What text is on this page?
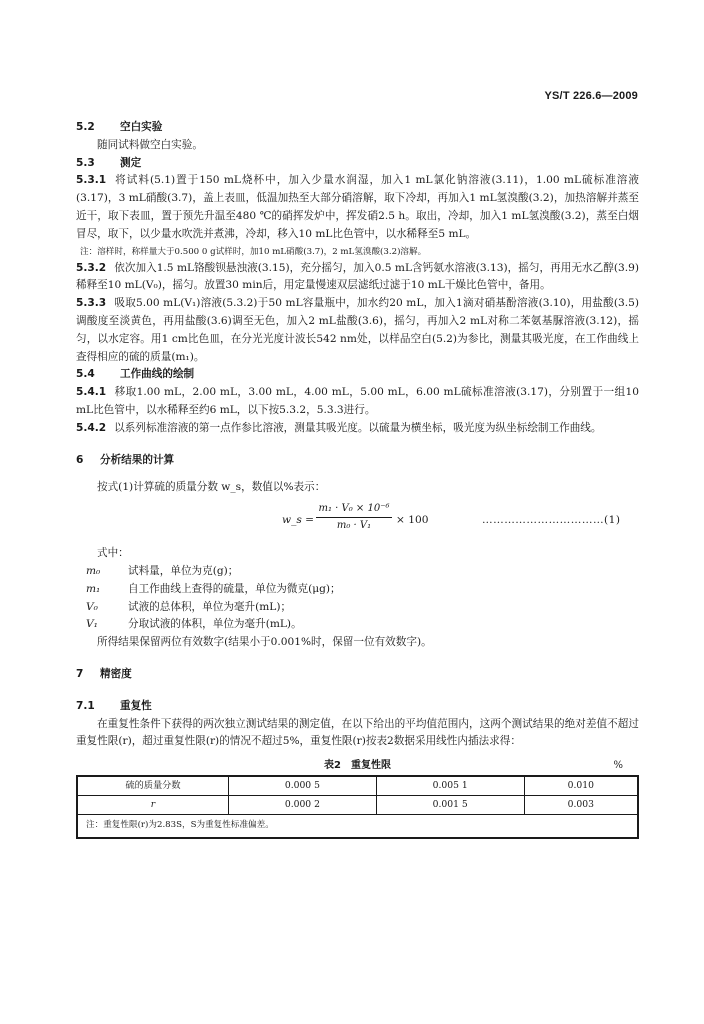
YS/T 226.6—2009
5.2 空白实验
随同试料做空白实验。
5.3 测定
5.3.1 将试料(5.1)置于150 mL烧杯中，加入少量水润湿，加入1 mL氯化钠溶液(3.11)，1.00 mL硫标准溶液(3.17)，3 mL硝酸(3.7)，盖上表皿，低温加热至大部分硝溶解，取下冷却，再加入1 mL氢溴酸(3.2)，加热溶解并蒸至近干，取下表皿，置于预先升温至480 ℃的硝挥发炉中，挥发硝2.5 h。取出，冷却，加入1 mL氢溴酸(3.2)，蒸至白烟冒尽，取下，以少量水吹洗并煮沸，冷却，移入10 mL比色管中，以水稀释至5 mL。
注：溶样时，称样量大于0.500 0 g试样时，加10 mL硝酸(3.7)，2 mL氢溴酸(3.2)溶解。
5.3.2 依次加入1.5 mL铬酸钡悬浊液(3.15)，充分摇匀，加入0.5 mL含钙氨水溶液(3.13)，摇匀，再用无水乙醇(3.9)稀释至10 mL(V₀)，摇匀。放置30 min后，用定量慢速双层滤纸过滤于10 mL干燥比色管中，备用。
5.3.3 吸取5.00 mL(V₁)溶液(5.3.2)于50 mL容量瓶中，加水约20 mL，加入1滴对硝基酚溶液(3.10)，用盐酸(3.5)调酸度至淡黄色，再用盐酸(3.6)调至无色，加入2 mL盐酸(3.6)，摇匀，再加入2 mL对称二苯氨基脲溶液(3.12)，摇匀，以水定容。用1 cm比色皿，在分光光度计波长542 nm处，以样品空白(5.2)为参比，测量其吸光度，在工作曲线上查得相应的硫的质量(m₁)。
5.4 工作曲线的绘制
5.4.1 移取1.00 mL，2.00 mL，3.00 mL，4.00 mL，5.00 mL，6.00 mL硫标准溶液(3.17)，分别置于一组10 mL比色管中，以水稀释至约6 mL，以下按5.3.2，5.3.3进行。
5.4.2 以系列标准溶液的第一点作参比溶液，测量其吸光度。以硫量为横坐标，吸光度为纵坐标绘制工作曲线。
6 分析结果的计算
按式(1)计算硫的质量分数 w_s，数值以%表示：
w_s = $\frac{\text{m₁ · V₀ × 10⁻⁶}}{\text{m₀ · V₁}} \times 100$	……………………………(1)
式中：
m₀	试料量，单位为克(g)；
m₁	自工作曲线上查得的硫量，单位为微克(μg)；
V₀	试液的总体积，单位为毫升(mL)；
V₁	分取试液的体积，单位为毫升(mL)。
所得结果保留两位有效数字(结果小于0.001%时，保留一位有效数字)。
7 精密度
7.1 重复性
在重复性条件下获得的两次独立测试结果的测定值，在以下给出的平均值范围内，这两个测试结果的绝对差值不超过重复性限(r)，超过重复性限(r)的情况不超过5%，重复性限(r)按表2数据采用线性内插法求得：
表2　重复性限	%
硫的质量分数	0.000 5	0.005 1	0.010
r	0.000 2	0.001 5	0.003
注：重复性限(r)为2.83S，S为重复性标准偏差。			
